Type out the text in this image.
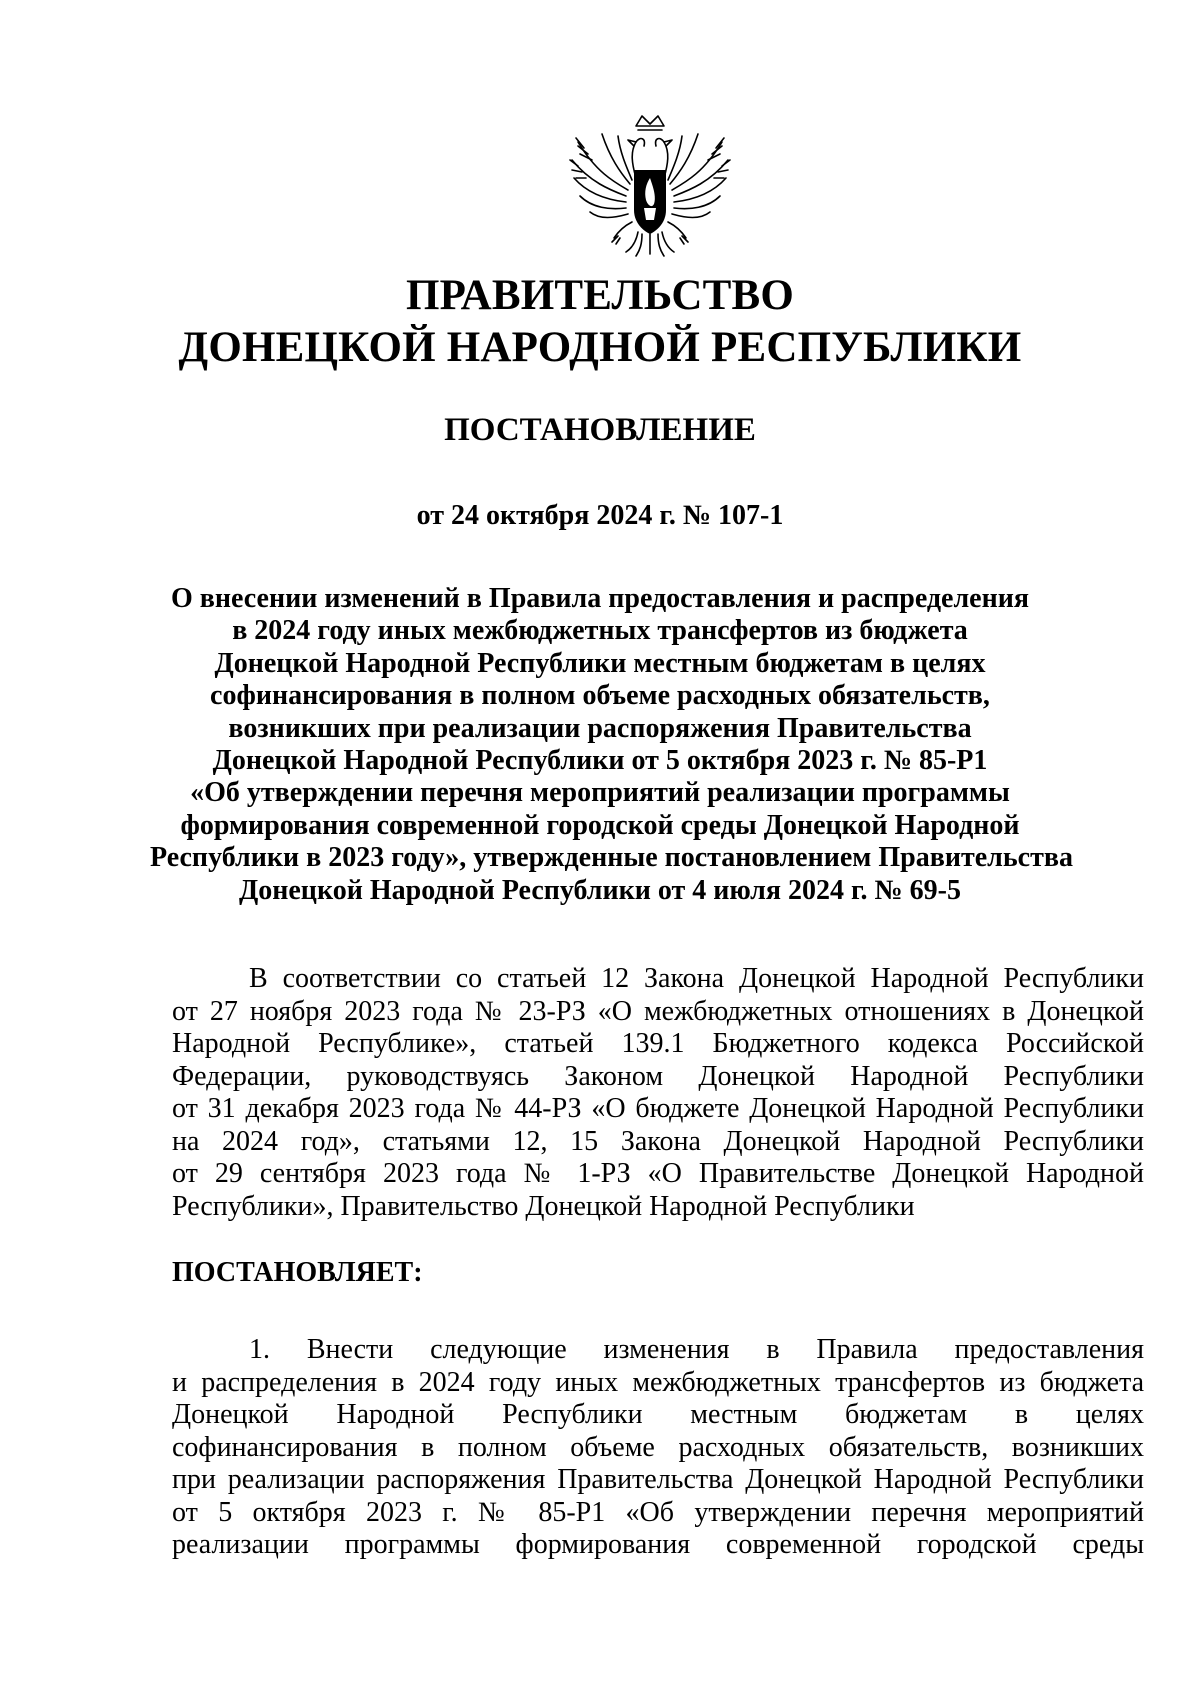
ПРАВИТЕЛЬСТВО
ДОНЕЦКОЙ НАРОДНОЙ РЕСПУБЛИКИ
ПОСТАНОВЛЕНИЕ
от 24 октября 2024 г. № 107-1
О внесении изменений в Правила предоставления и распределения
в 2024 году иных межбюджетных трансфертов из бюджета
Донецкой Народной Республики местным бюджетам в целях
софинансирования в полном объеме расходных обязательств,
возникших при реализации распоряжения Правительства
Донецкой Народной Республики от 5 октября 2023 г. № 85-Р1
«Об утверждении перечня мероприятий реализации программы
формирования современной городской среды Донецкой Народной
Республики в 2023 году», утвержденные постановлением Правительства
Донецкой Народной Республики от 4 июля 2024 г. № 69-5
В соответствии со статьей 12 Закона Донецкой Народной Республики
от 27 ноября 2023 года № 23-РЗ «О межбюджетных отношениях в Донецкой
Народной Республике», статьей 139.1 Бюджетного кодекса Российской
Федерации, руководствуясь Законом Донецкой Народной Республики
от 31 декабря 2023 года № 44-РЗ «О бюджете Донецкой Народной Республики
на 2024 год», статьями 12, 15 Закона Донецкой Народной Республики
от 29 сентября 2023 года № 1-РЗ «О Правительстве Донецкой Народной
Республики», Правительство Донецкой Народной Республики
ПОСТАНОВЛЯЕТ:
1. Внести следующие изменения в Правила предоставления
и распределения в 2024 году иных межбюджетных трансфертов из бюджета
Донецкой Народной Республики местным бюджетам в целях
софинансирования в полном объеме расходных обязательств, возникших
при реализации распоряжения Правительства Донецкой Народной Республики
от 5 октября 2023 г. № 85-Р1 «Об утверждении перечня мероприятий
реализации программы формирования современной городской среды
